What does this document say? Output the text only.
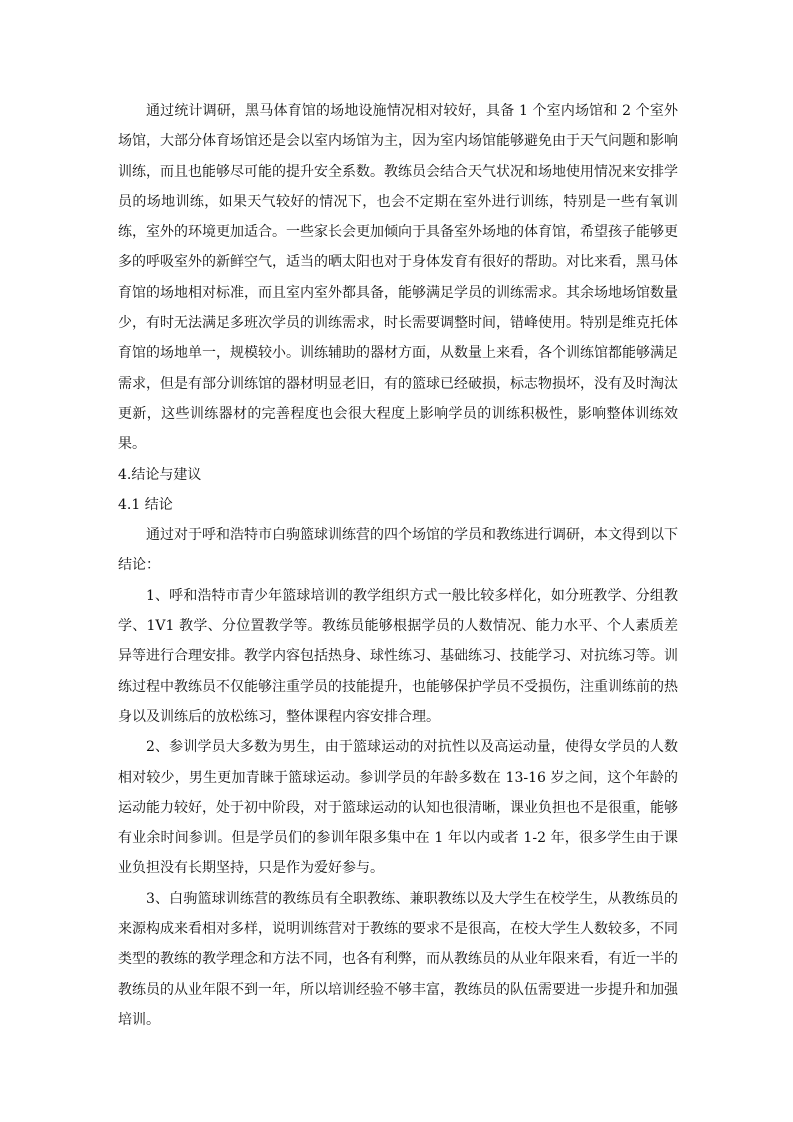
通过统计调研，黑马体育馆的场地设施情况相对较好，具备 1 个室内场馆和 2 个室外场馆，大部分体育场馆还是会以室内场馆为主，因为室内场馆能够避免由于天气问题和影响训练，而且也能够尽可能的提升安全系数。教练员会结合天气状况和场地使用情况来安排学员的场地训练，如果天气较好的情况下，也会不定期在室外进行训练，特别是一些有氧训练，室外的环境更加适合。一些家长会更加倾向于具备室外场地的体育馆，希望孩子能够更多的呼吸室外的新鲜空气，适当的晒太阳也对于身体发育有很好的帮助。对比来看，黑马体育馆的场地相对标准，而且室内室外都具备，能够满足学员的训练需求。其余场地场馆数量少，有时无法满足多班次学员的训练需求，时长需要调整时间，错峰使用。特别是维克托体育馆的场地单一，规模较小。训练辅助的器材方面，从数量上来看，各个训练馆都能够满足需求，但是有部分训练馆的器材明显老旧，有的篮球已经破损，标志物损坏，没有及时淘汰更新，这些训练器材的完善程度也会很大程度上影响学员的训练积极性，影响整体训练效果。

4.结论与建议

4.1 结论

通过对于呼和浩特市白驹篮球训练营的四个场馆的学员和教练进行调研，本文得到以下结论：

1、呼和浩特市青少年篮球培训的教学组织方式一般比较多样化，如分班教学、分组教学、1V1 教学、分位置教学等。教练员能够根据学员的人数情况、能力水平、个人素质差异等进行合理安排。教学内容包括热身、球性练习、基础练习、技能学习、对抗练习等。训练过程中教练员不仅能够注重学员的技能提升，也能够保护学员不受损伤，注重训练前的热身以及训练后的放松练习，整体课程内容安排合理。

2、参训学员大多数为男生，由于篮球运动的对抗性以及高运动量，使得女学员的人数相对较少，男生更加青睐于篮球运动。参训学员的年龄多数在 13-16 岁之间，这个年龄的运动能力较好，处于初中阶段，对于篮球运动的认知也很清晰，课业负担也不是很重，能够有业余时间参训。但是学员们的参训年限多集中在 1 年以内或者 1-2 年，很多学生由于课业负担没有长期坚持，只是作为爱好参与。

3、白驹篮球训练营的教练员有全职教练、兼职教练以及大学生在校学生，从教练员的来源构成来看相对多样，说明训练营对于教练的要求不是很高，在校大学生人数较多，不同类型的教练的教学理念和方法不同，也各有利弊，而从教练员的从业年限来看，有近一半的教练员的从业年限不到一年，所以培训经验不够丰富，教练员的队伍需要进一步提升和加强培训。
